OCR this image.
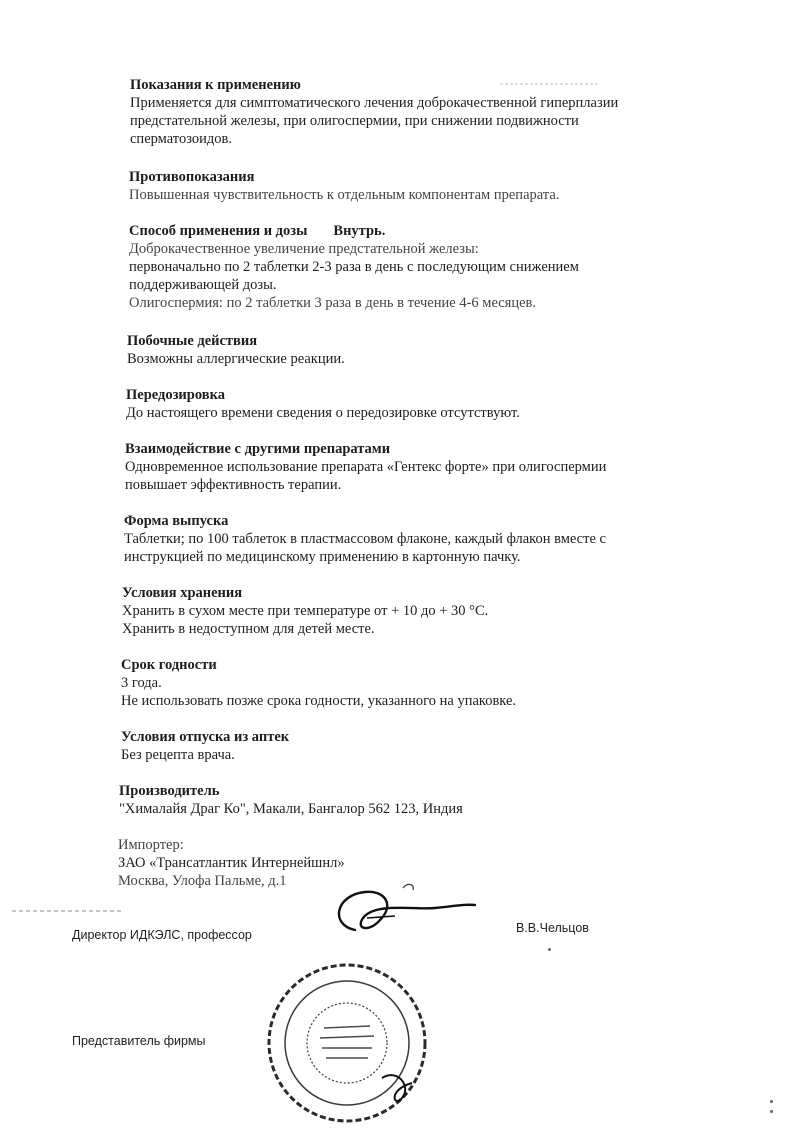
Показания к применению
Применяется для симптоматического лечения доброкачественной гиперплазии
предстательной железы, при олигоспермии, при снижении подвижности
сперматозоидов.
Противопоказания
Повышенная чувствительность к отдельным компонентам препарата.
Способ применения и дозы Внутрь.
Доброкачественное увеличение предстательной железы:
первоначально по 2 таблетки 2-3 раза в день с последующим снижением
поддерживающей дозы.
Олигоспермия: по 2 таблетки 3 раза в день в течение 4-6 месяцев.
Побочные действия
Возможны аллергические реакции.
Передозировка
До настоящего времени сведения о передозировке отсутствуют.
Взаимодействие с другими препаратами
Одновременное использование препарата «Гентекс форте» при олигоспермии
повышает эффективность терапии.
Форма выпуска
Таблетки; по 100 таблеток в пластмассовом флаконе, каждый флакон вместе с
инструкцией по медицинскому применению в картонную пачку.
Условия хранения
Хранить в сухом месте при температуре от + 10 до + 30 °С.
Хранить в недоступном для детей месте.
Срок годности
3 года.
Не использовать позже срока годности, указанного на упаковке.
Условия отпуска из аптек
Без рецепта врача.
Производитель
"Хималайя Драг Ко", Макали, Бангалор 562 123, Индия
Импортер:
ЗАО «Трансатлантик Интернейшнл»
Москва, Улофа Пальме, д.1
Директор ИДКЭЛС, профессор	В.В.Чельцов
Представитель фирмы
